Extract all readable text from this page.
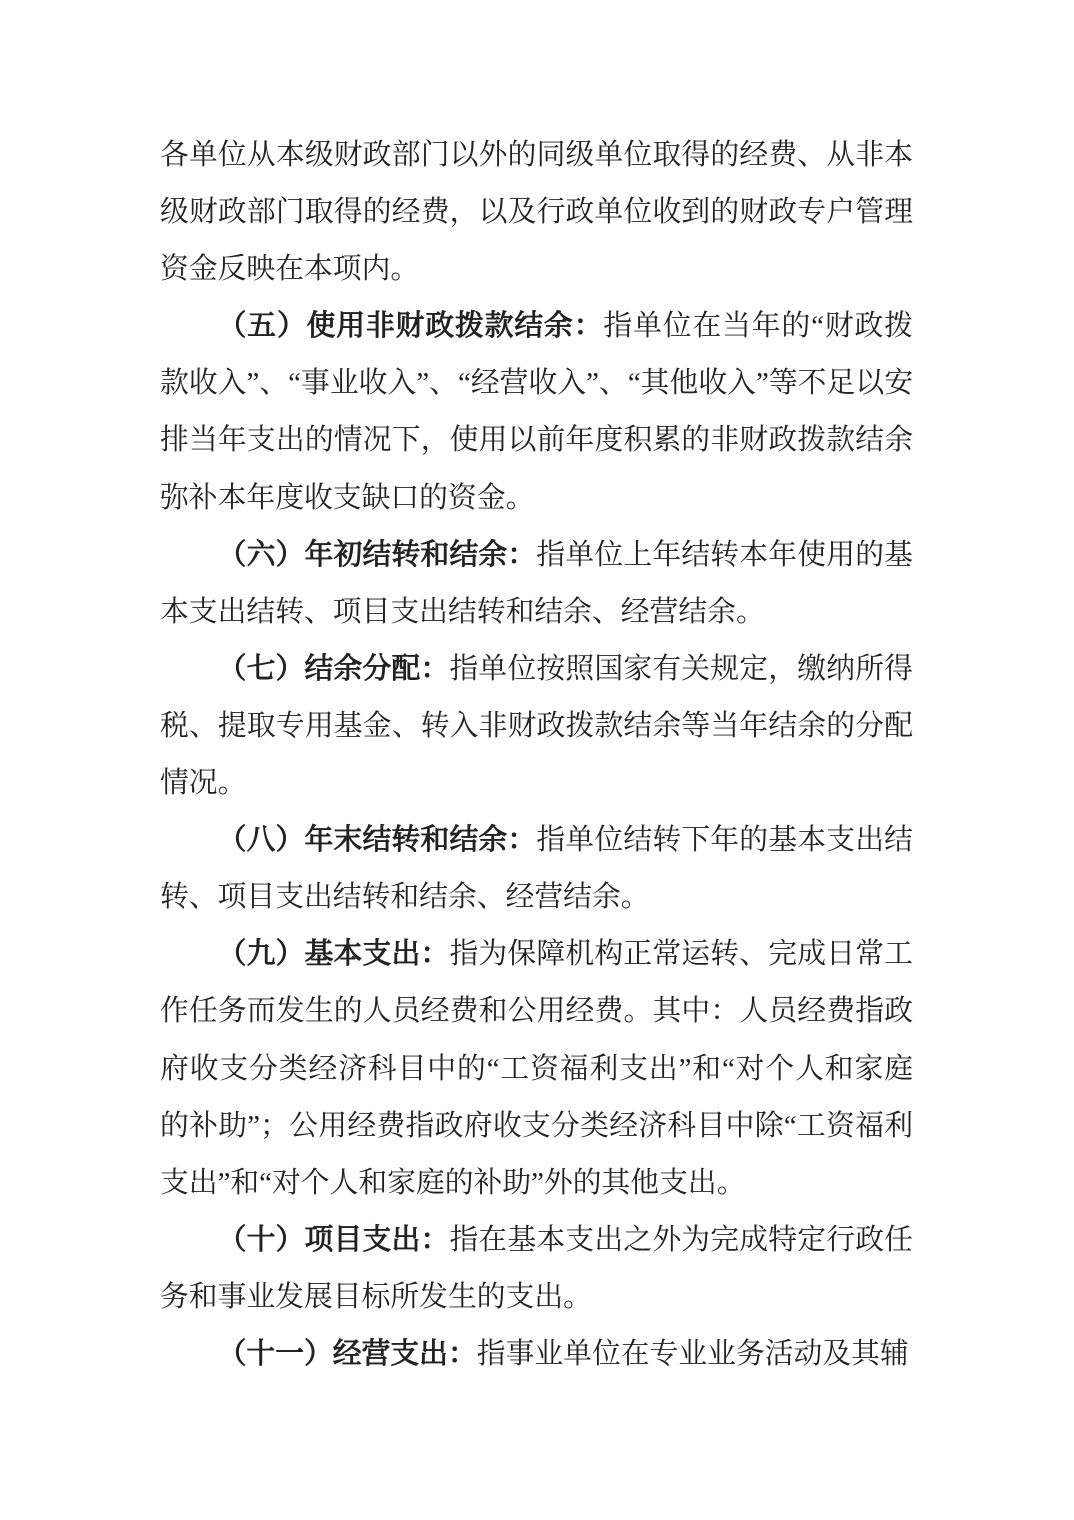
各单位从本级财政部门以外的同级单位取得的经费、从非本级财政部门取得的经费，以及行政单位收到的财政专户管理资金反映在本项内。

（五）使用非财政拨款结余：指单位在当年的“财政拨款收入”、“事业收入”、“经营收入”、“其他收入”等不足以安排当年支出的情况下，使用以前年度积累的非财政拨款结余弥补本年度收支缺口的资金。

（六）年初结转和结余：指单位上年结转本年使用的基本支出结转、项目支出结转和结余、经营结余。

（七）结余分配：指单位按照国家有关规定，缴纳所得税、提取专用基金、转入非财政拨款结余等当年结余的分配情况。

（八）年末结转和结余：指单位结转下年的基本支出结转、项目支出结转和结余、经营结余。

（九）基本支出：指为保障机构正常运转、完成日常工作任务而发生的人员经费和公用经费。其中：人员经费指政府收支分类经济科目中的“工资福利支出”和“对个人和家庭的补助”；公用经费指政府收支分类经济科目中除“工资福利支出”和“对个人和家庭的补助”外的其他支出。

（十）项目支出：指在基本支出之外为完成特定行政任务和事业发展目标所发生的支出。

（十一）经营支出：指事业单位在专业业务活动及其辅
